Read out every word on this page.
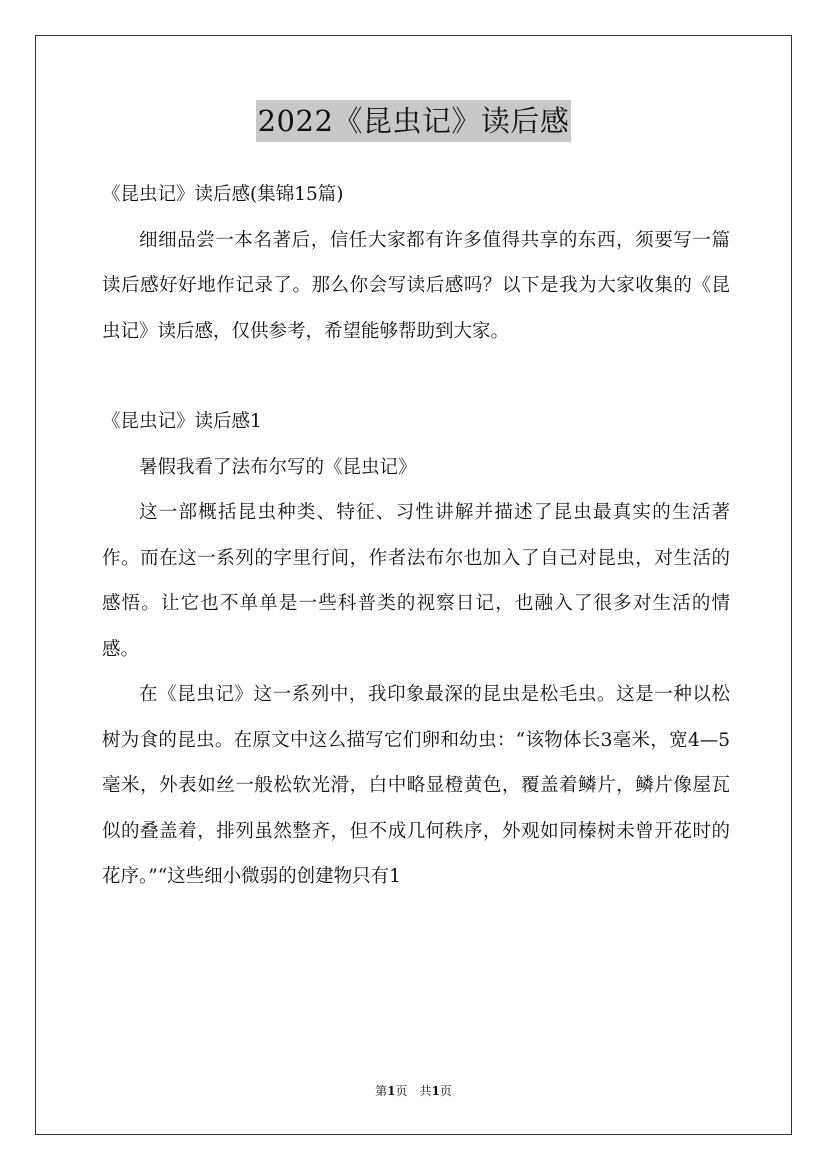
2022《昆虫记》读后感

《昆虫记》读后感(集锦15篇)

细细品尝一本名著后，信任大家都有许多值得共享的东西，须要写一篇读后感好好地作记录了。那么你会写读后感吗？以下是我为大家收集的《昆虫记》读后感，仅供参考，希望能够帮助到大家。

《昆虫记》读后感1

暑假我看了法布尔写的《昆虫记》

这一部概括昆虫种类、特征、习性讲解并描述了昆虫最真实的生活著作。而在这一系列的字里行间，作者法布尔也加入了自己对昆虫，对生活的感悟。让它也不单单是一些科普类的视察日记，也融入了很多对生活的情感。

在《昆虫记》这一系列中，我印象最深的昆虫是松毛虫。这是一种以松树为食的昆虫。在原文中这么描写它们卵和幼虫：“该物体长3毫米，宽4—5毫米，外表如丝一般松软光滑，白中略显橙黄色，覆盖着鳞片，鳞片像屋瓦似的叠盖着，排列虽然整齐，但不成几何秩序，外观如同榛树未曾开花时的花序。”“这些细小微弱的创建物只有1

第1页　共1页
